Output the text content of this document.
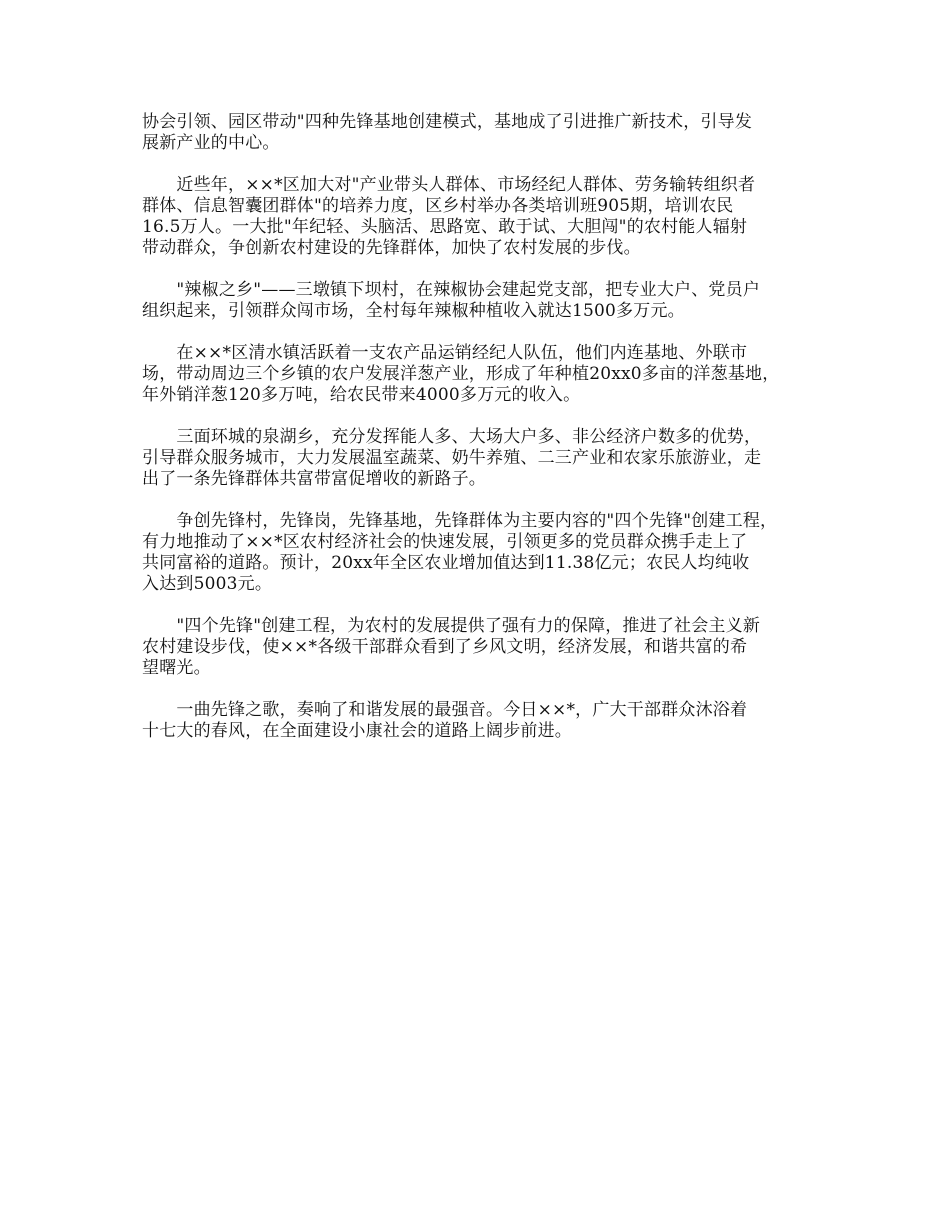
协会引领、园区带动"四种先锋基地创建模式，基地成了引进推广新技术，引导发
展新产业的中心。

　　近些年，××*区加大对"产业带头人群体、市场经纪人群体、劳务输转组织者
群体、信息智囊团群体"的培养力度，区乡村举办各类培训班905期，培训农民
16.5万人。一大批"年纪轻、头脑活、思路宽、敢于试、大胆闯"的农村能人辐射
带动群众，争创新农村建设的先锋群体，加快了农村发展的步伐。

　　"辣椒之乡"——三墩镇下坝村，在辣椒协会建起党支部，把专业大户、党员户
组织起来，引领群众闯市场，全村每年辣椒种植收入就达1500多万元。

　　在××*区清水镇活跃着一支农产品运销经纪人队伍，他们内连基地、外联市
场，带动周边三个乡镇的农户发展洋葱产业，形成了年种植20xx0多亩的洋葱基地，
年外销洋葱120多万吨，给农民带来4000多万元的收入。

　　三面环城的泉湖乡，充分发挥能人多、大场大户多、非公经济户数多的优势，
引导群众服务城市，大力发展温室蔬菜、奶牛养殖、二三产业和农家乐旅游业，走
出了一条先锋群体共富带富促增收的新路子。

　　争创先锋村，先锋岗，先锋基地，先锋群体为主要内容的"四个先锋"创建工程，
有力地推动了××*区农村经济社会的快速发展，引领更多的党员群众携手走上了
共同富裕的道路。预计，20xx年全区农业增加值达到11.38亿元；农民人均纯收
入达到5003元。

　　"四个先锋"创建工程，为农村的发展提供了强有力的保障，推进了社会主义新
农村建设步伐，使××*各级干部群众看到了乡风文明，经济发展，和谐共富的希
望曙光。

　　一曲先锋之歌，奏响了和谐发展的最强音。今日××*，广大干部群众沐浴着
十七大的春风，在全面建设小康社会的道路上阔步前进。
